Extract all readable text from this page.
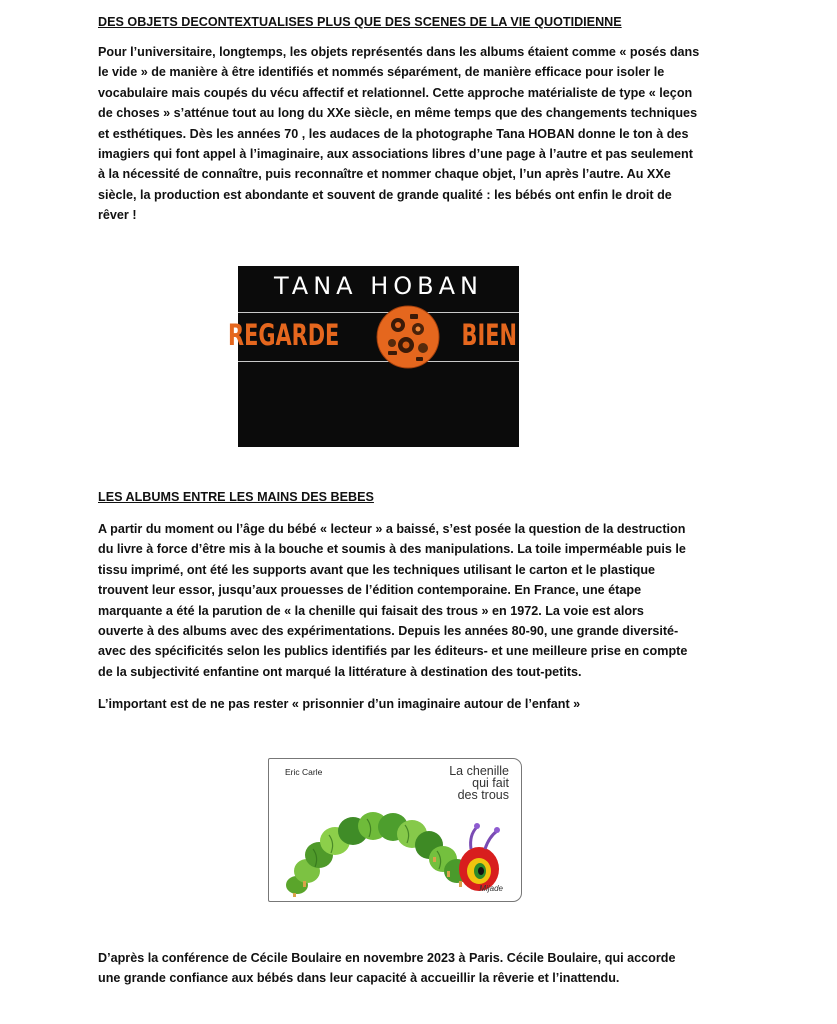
DES OBJETS DECONTEXTUALISES PLUS QUE DES SCENES DE LA VIE QUOTIDIENNE
Pour l’universitaire, longtemps, les objets représentés dans les albums étaient comme « posés dans
le vide » de manière à être identifiés et nommés séparément, de manière efficace pour isoler le
vocabulaire mais coupés du vécu affectif et relationnel. Cette approche matérialiste de type « leçon
de choses » s’atténue tout au long du XXe siècle, en même temps que des changements techniques
et esthétiques. Dès les années 70 , les audaces de la photographe Tana HOBAN donne le ton à des
imagiers qui font appel à l’imaginaire, aux associations libres d’une page à l’autre et pas seulement
à la nécessité de connaître, puis reconnaître et nommer chaque objet, l’un après l’autre. Au XXe
siècle, la production est abondante et souvent de grande qualité : les bébés ont enfin le droit de
rêver !
TANA HOBAN
REGARDE	BIEN
LES ALBUMS ENTRE LES MAINS DES BEBES
A partir du moment ou l’âge du bébé « lecteur » a baissé, s’est posée la question de la destruction
du livre à force d’être mis à la bouche et soumis à des manipulations. La toile imperméable puis le
tissu imprimé, ont été les supports avant que les techniques utilisant le carton et le plastique
trouvent leur essor, jusqu’aux prouesses de l’édition contemporaine. En France, une étape
marquante a été la parution de « la chenille qui faisait des trous » en 1972. La voie est alors
ouverte à des albums avec des expérimentations. Depuis les années 80-90, une grande diversité-
avec des spécificités selon les publics identifiés par les éditeurs- et une meilleure prise en compte
de la subjectivité enfantine ont marqué la littérature à destination des tout-petits.
L’important est de ne pas rester « prisonnier d’un imaginaire autour de l’enfant »
Eric Carle	La chenille
qui fait
des trous
Mijade
D’après la conférence de Cécile Boulaire en novembre 2023 à Paris. Cécile Boulaire, qui accorde
une grande confiance aux bébés dans leur capacité à accueillir la rêverie et l’inattendu.
